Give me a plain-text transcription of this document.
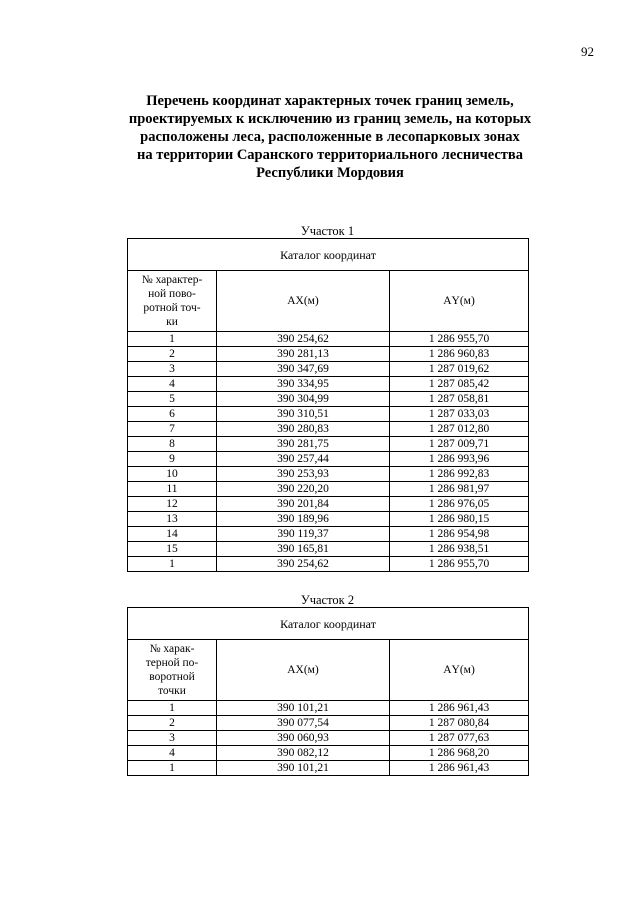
92
Перечень координат характерных точек границ земель,
проектируемых к исключению из границ земель, на которых
расположены леса, расположенные в лесопарковых зонах
на территории Саранского территориального лесничества
Республики Мордовия
Участок 1
Каталог координат		

№ характер-
ной пово-
ротной точ-
ки	АХ(м)	АY(м)
1	390 254,62	1 286 955,70
2	390 281,13	1 286 960,83
3	390 347,69	1 287 019,62
4	390 334,95	1 287 085,42
5	390 304,99	1 287 058,81
6	390 310,51	1 287 033,03
7	390 280,83	1 287 012,80
8	390 281,75	1 287 009,71
9	390 257,44	1 286 993,96
10	390 253,93	1 286 992,83
11	390 220,20	1 286 981,97
12	390 201,84	1 286 976,05
13	390 189,96	1 286 980,15
14	390 119,37	1 286 954,98
15	390 165,81	1 286 938,51
1	390 254,62	1 286 955,70
Участок 2
Каталог координат		

№ харак-
терной по-
воротной
точки	АХ(м)	АY(м)
1	390 101,21	1 286 961,43
2	390 077,54	1 287 080,84
3	390 060,93	1 287 077,63
4	390 082,12	1 286 968,20
1	390 101,21	1 286 961,43
